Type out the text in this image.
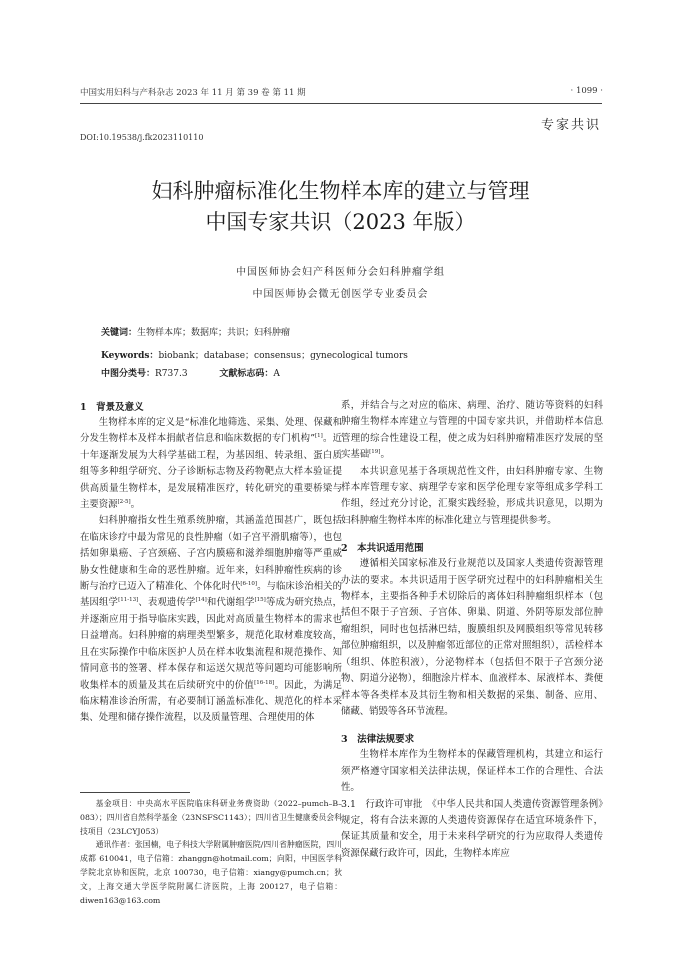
中国实用妇科与产科杂志 2023 年 11 月 第 39 卷 第 11 期	· 1099 ·
专家共识
DOI:10.19538/j.fk2023110110
妇科肿瘤标准化生物样本库的建立与管理
中国专家共识（2023 年版）
中国医师协会妇产科医师分会妇科肿瘤学组
中国医师协会微无创医学专业委员会
关键词：生物样本库；数据库；共识；妇科肿瘤
Keywords：biobank；database；consensus；gynecological tumors
中图分类号：R737.3	文献标志码：A

1　背景及意义

生物样本库的定义是“标准化地筛选、采集、处理、保藏和分发生物样本及样本捐献者信息和临床数据的专门机构”[1]。近十年逐渐发展为大科学基础工程，为基因组、转录组、蛋白质组等多种组学研究、分子诊断标志物及药物靶点大样本验证提供高质量生物样本，是发展精准医疗，转化研究的重要桥梁与主要资源[2-5]。

妇科肿瘤指女性生殖系统肿瘤，其涵盖范围甚广，既包括在临床诊疗中最为常见的良性肿瘤（如子宫平滑肌瘤等），也包括如卵巢癌、子宫颈癌、子宫内膜癌和滋养细胞肿瘤等严重威胁女性健康和生命的恶性肿瘤。近年来，妇科肿瘤性疾病的诊断与治疗已迈入了精准化、个体化时代[6-10]。与临床诊治相关的基因组学[11-13]、表观遗传学[14]和代谢组学[15]等成为研究热点，并逐渐应用于指导临床实践，因此对高质量生物样本的需求也日益增高。妇科肿瘤的病理类型繁多，规范化取材难度较高，且在实际操作中临床医护人员在样本收集流程和规范操作、知情同意书的签署、样本保存和运送欠规范等问题均可能影响所收集样本的质量及其在后续研究中的价值[16-18]。因此，为满足临床精准诊治所需，有必要制订涵盖标准化、规范化的样本采集、处理和储存操作流程，以及质量管理、合理使用的体

基金项目：中央高水平医院临床科研业务费资助（2022–pumch–B–083）；四川省自然科学基金（23NSFSC1143）；四川省卫生健康委员会科技项目（23LCYJ053）

通讯作者：张国楠，电子科技大学附属肿瘤医院/四川省肿瘤医院，四川 成都 610041，电子信箱：zhanggn@hotmail.com；向阳，中国医学科学院北京协和医院，北京 100730，电子信箱：xiangy@pumch.cn；狄文，上海交通大学医学院附属仁济医院，上海 200127，电子信箱：diwen163@163.com

系，并结合与之对应的临床、病理、治疗、随访等资料的妇科肿瘤生物样本库建立与管理的中国专家共识，并借助样本信息管理的综合性建设工程，使之成为妇科肿瘤精准医疗发展的坚实基础[19]。

本共识意见基于各项规范性文件，由妇科肿瘤专家、生物样本库管理专家、病理学专家和医学伦理专家等组成多学科工作组，经过充分讨论，汇聚实践经验，形成共识意见，以期为妇科肿瘤生物样本库的标准化建立与管理提供参考。

2　本共识适用范围

遵循相关国家标准及行业规范以及国家人类遗传资源管理办法的要求。本共识适用于医学研究过程中的妇科肿瘤相关生物样本，主要指各种手术切除后的离体妇科肿瘤组织样本（包括但不限于子宫颈、子宫体、卵巢、阴道、外阴等原发部位肿瘤组织，同时也包括淋巴结，腹膜组织及网膜组织等常见转移部位肿瘤组织，以及肿瘤邻近部位的正常对照组织），活检样本（组织、体腔积液），分泌物样本（包括但不限于子宫颈分泌物、阴道分泌物），细胞涂片样本、血液样本、尿液样本、粪便样本等各类样本及其衍生物和相关数据的采集、制备、应用、储藏、销毁等各环节流程。

3　法律法规要求

生物样本库作为生物样本的保藏管理机构，其建立和运行须严格遵守国家相关法律法规，保证样本工作的合理性、合法性。

3.1　行政许可审批　《中华人民共和国人类遗传资源管理条例》规定，将有合法来源的人类遗传资源保存在适宜环境条件下，保证其质量和安全，用于未来科学研究的行为应取得人类遗传资源保藏行政许可，因此，生物样本库应
